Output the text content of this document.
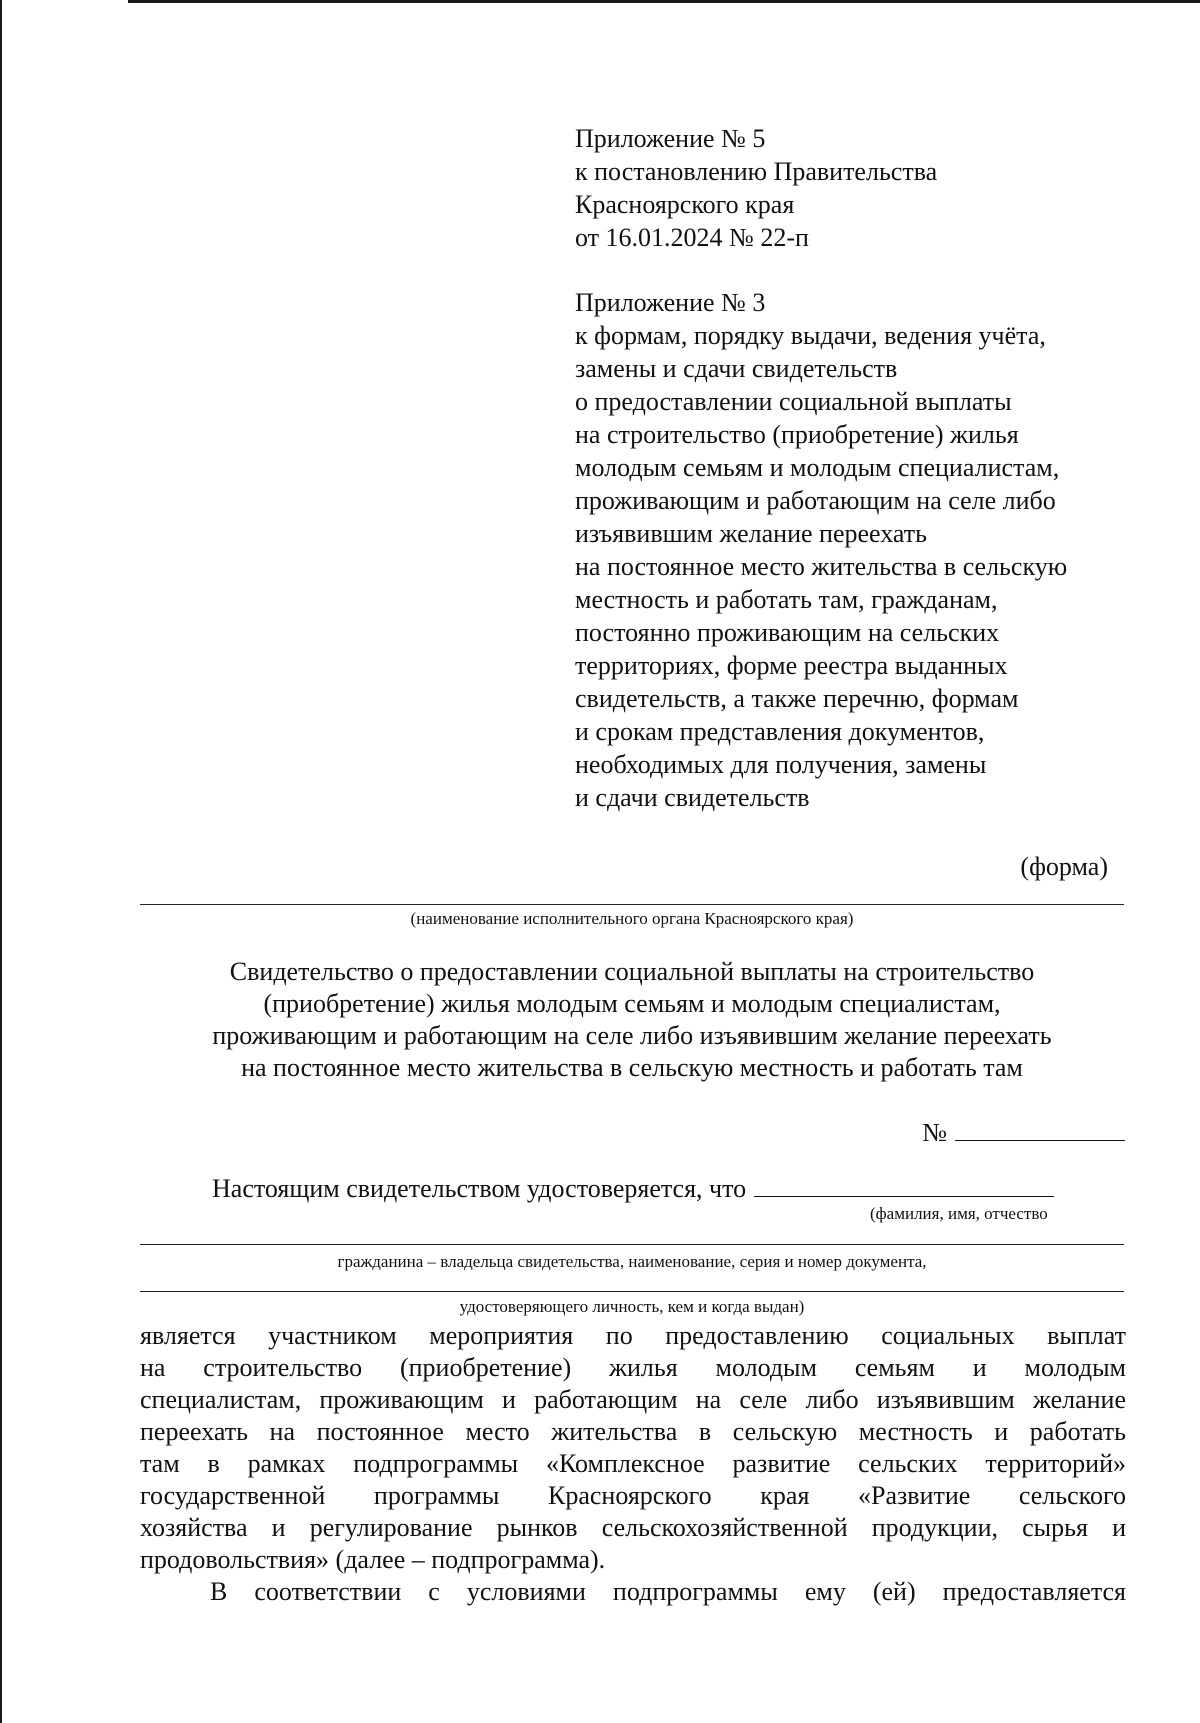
Приложение № 5
к постановлению Правительства
Красноярского края
от 16.01.2024 № 22-п
Приложение № 3
к формам, порядку выдачи, ведения учёта,
замены и сдачи свидетельств
о предоставлении социальной выплаты
на строительство (приобретение) жилья
молодым семьям и молодым специалистам,
проживающим и работающим на селе либо
изъявившим желание переехать
на постоянное место жительства в сельскую
местность и работать там, гражданам,
постоянно проживающим на сельских
территориях, форме реестра выданных
свидетельств, а также перечню, формам
и срокам представления документов,
необходимых для получения, замены
и сдачи свидетельств
(форма)
(наименование исполнительного органа Красноярского края)
Свидетельство о предоставлении социальной выплаты на строительство
(приобретение) жилья молодым семьям и молодым специалистам,
проживающим и работающим на селе либо изъявившим желание переехать
на постоянное место жительства в сельскую местность и работать там
№
Настоящим свидетельством удостоверяется, что
(фамилия, имя, отчество
гражданина – владельца свидетельства, наименование, серия и номер документа,
удостоверяющего личность, кем и когда выдан)
является участником мероприятия по предоставлению социальных выплат
на строительство (приобретение) жилья молодым семьям и молодым
специалистам, проживающим и работающим на селе либо изъявившим желание
переехать на постоянное место жительства в сельскую местность и работать
там в рамках подпрограммы «Комплексное развитие сельских территорий»
государственной программы Красноярского края «Развитие сельского
хозяйства и регулирование рынков сельскохозяйственной продукции, сырья и
продовольствия» (далее – подпрограмма).
В соответствии с условиями подпрограммы ему (ей) предоставляется
